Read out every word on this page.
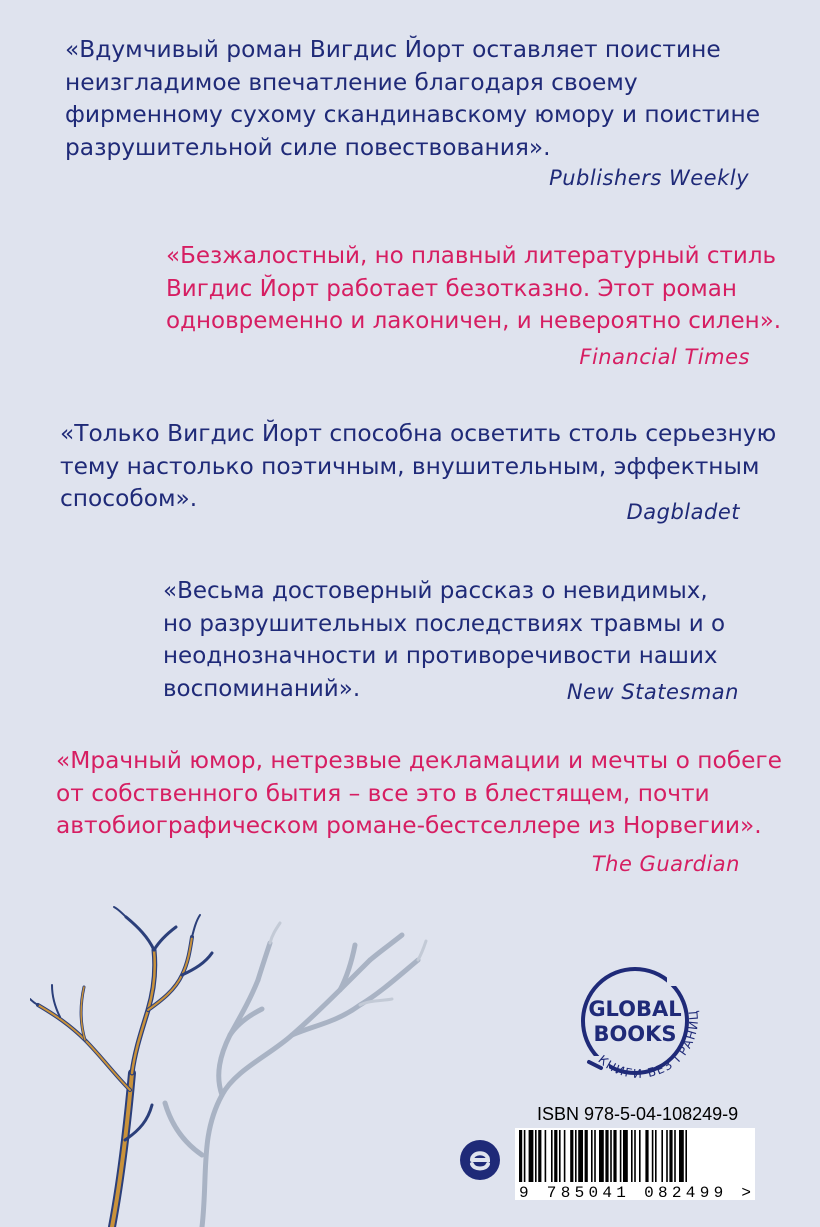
«Вдумчивый роман Вигдис Йорт оставляет поистине
неизгладимое впечатление благодаря своему
фирменному сухому скандинавскому юмору и поистине
разрушительной силе повествования».
Publishers Weekly
«Безжалостный, но плавный литературный стиль
Вигдис Йорт работает безотказно. Этот роман
одновременно и лаконичен, и невероятно силен».
Financial Times
«Только Вигдис Йорт способна осветить столь серьезную
тему настолько поэтичным, внушительным, эффектным
способом».	Dagbladet
«Весьма достоверный рассказ о невидимых,
но разрушительных последствиях травмы и о
неоднозначности и противоречивости наших
воспоминаний».	New Statesman
«Мрачный юмор, нетрезвые декламации и мечты о побеге
от собственного бытия – все это в блестящем, почти
автобиографическом романе-бестселлере из Норвегии».
The Guardian
GLOBAL
BOOKS
КНИГИ БЕЗ ГРАНИЦ
ISBN 978-5-04-108249-9
9 785041 082499 >
